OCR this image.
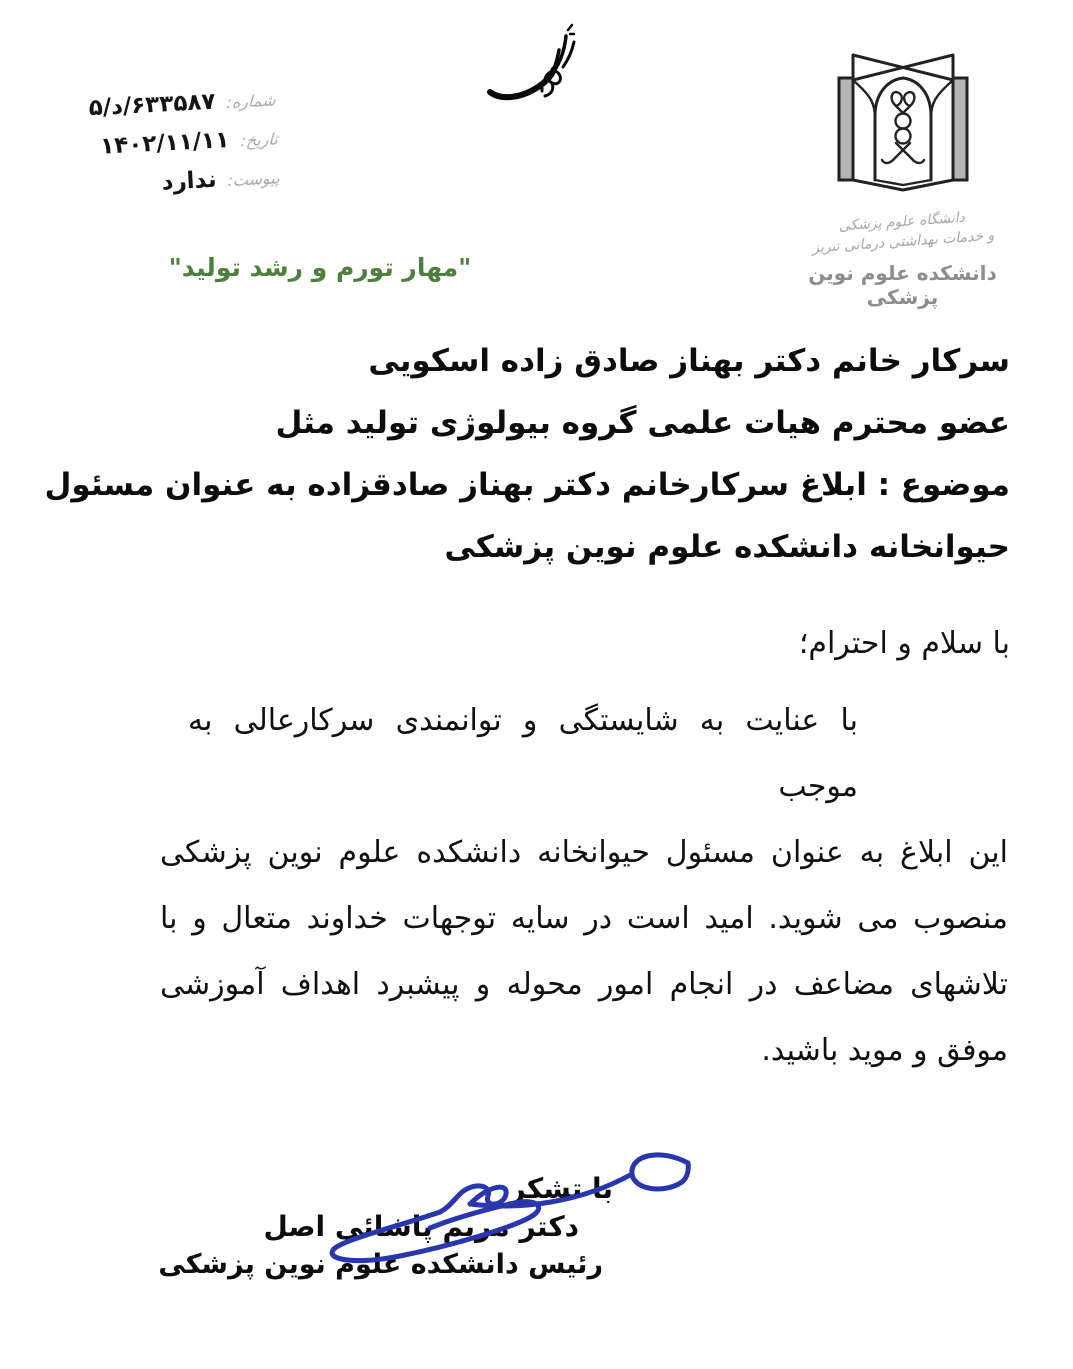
شماره: ۵/د/۶۳۳۵۸۷
تاریخ: ۱۴۰۲/۱۱/۱۱
پیوست: ندارد
دانشگاه علوم پزشکی
و خدمات بهداشتی درمانی تبریز
دانشکده علوم نوین پزشکی
"مهار تورم و رشد تولید"
سرکار خانم دکتر بهناز صادق زاده اسکویی
عضو محترم هیات علمی گروه بیولوژی تولید مثل
موضوع : ابلاغ سرکارخانم دکتر بهناز صادقزاده به عنوان مسئول
حیوانخانه دانشکده علوم نوین پزشکی
با سلام و احترام؛
با عنایت به شایستگی و توانمندی سرکارعالی به موجب
این ابلاغ به عنوان مسئول حیوانخانه دانشکده علوم نوین پزشکی
منصوب می شوید. امید است در سایه توجهات خداوند متعال و با
تلاشهای مضاعف در انجام امور محوله و پیشبرد اهداف آموزشی
موفق و موید باشید.
با تشکر
دکتر مریم پاشائی اصل
رئیس دانشکده علوم نوین پزشکی
